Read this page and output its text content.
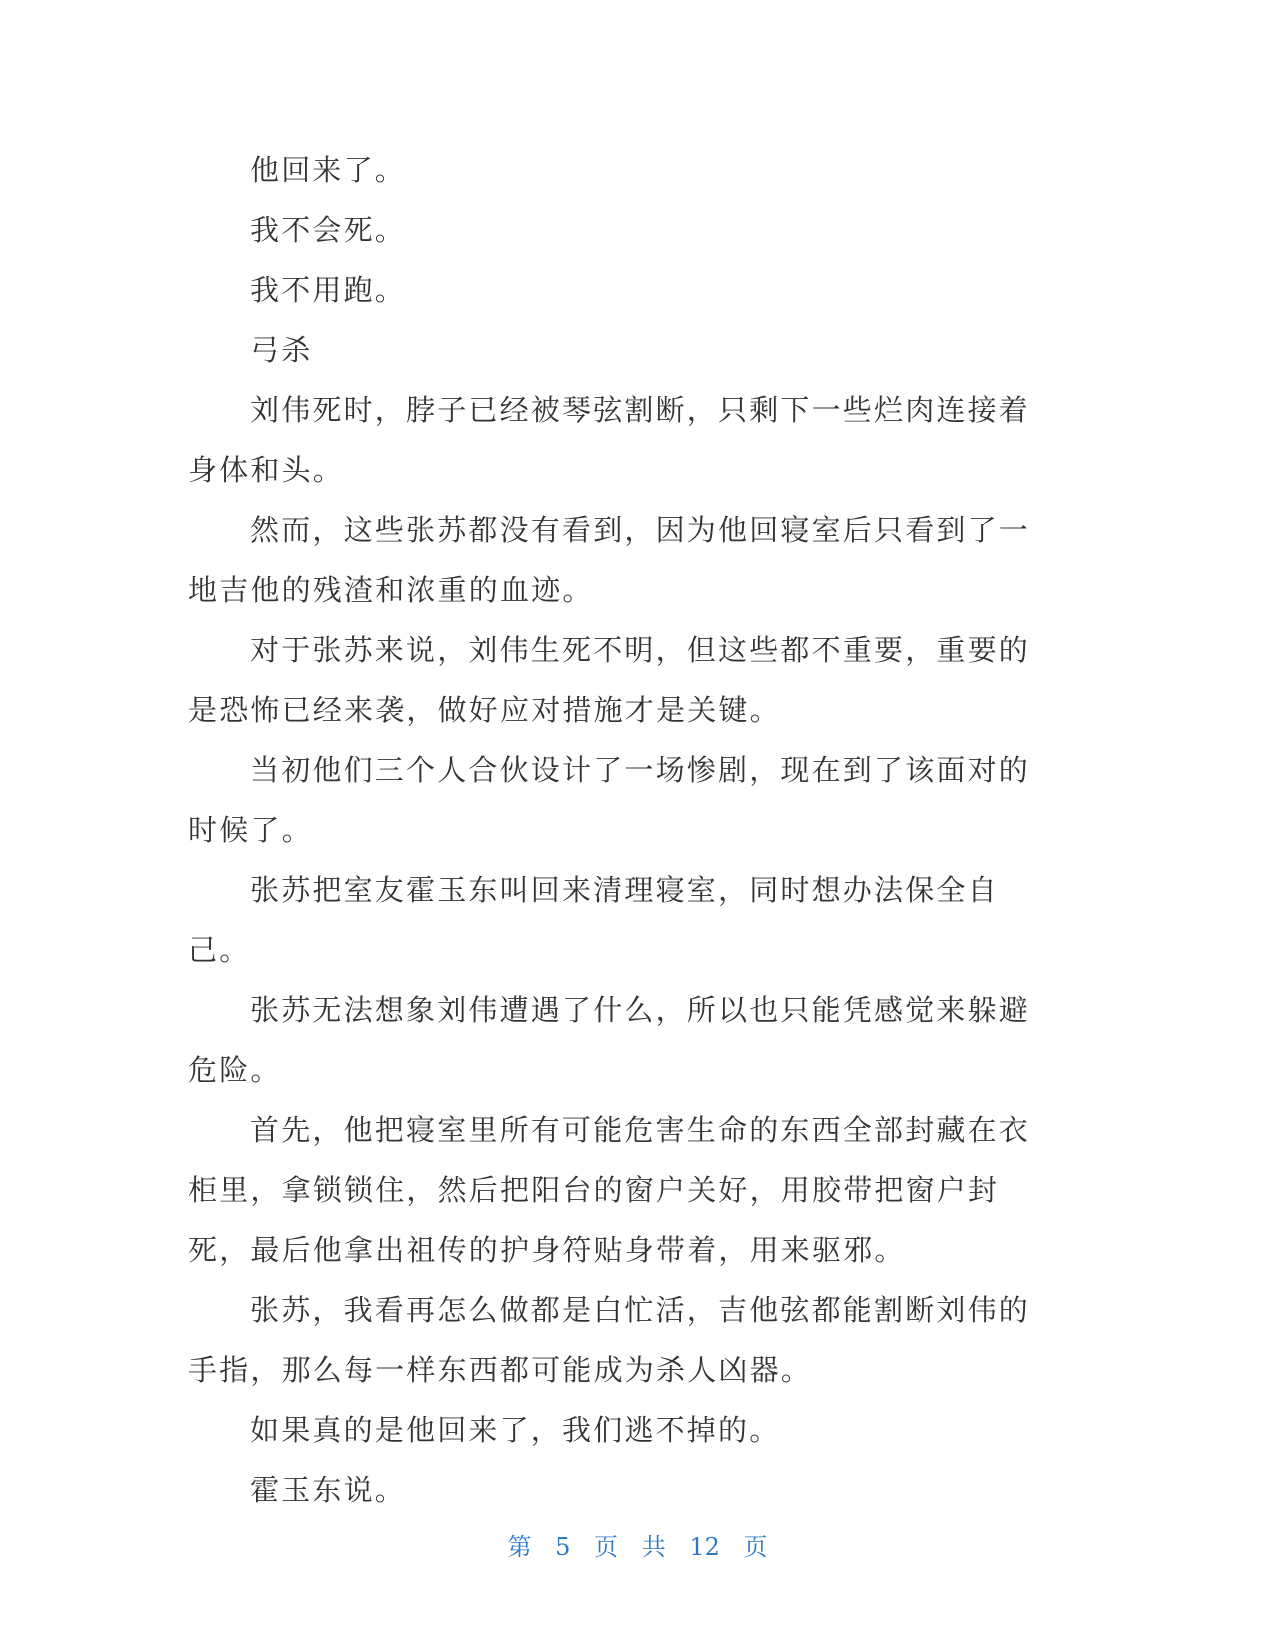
他回来了。

我不会死。

我不用跑。

弓杀

刘伟死时，脖子已经被琴弦割断，只剩下一些烂肉连接着身体和头。

然而，这些张苏都没有看到，因为他回寝室后只看到了一地吉他的残渣和浓重的血迹。

对于张苏来说，刘伟生死不明，但这些都不重要，重要的是恐怖已经来袭，做好应对措施才是关键。

当初他们三个人合伙设计了一场惨剧，现在到了该面对的时候了。

张苏把室友霍玉东叫回来清理寝室，同时想办法保全自己。

张苏无法想象刘伟遭遇了什么，所以也只能凭感觉来躲避危险。

首先，他把寝室里所有可能危害生命的东西全部封藏在衣柜里，拿锁锁住，然后把阳台的窗户关好，用胶带把窗户封死，最后他拿出祖传的护身符贴身带着，用来驱邪。

张苏，我看再怎么做都是白忙活，吉他弦都能割断刘伟的手指，那么每一样东西都可能成为杀人凶器。

如果真的是他回来了，我们逃不掉的。

霍玉东说。

第 5 页 共 12 页
